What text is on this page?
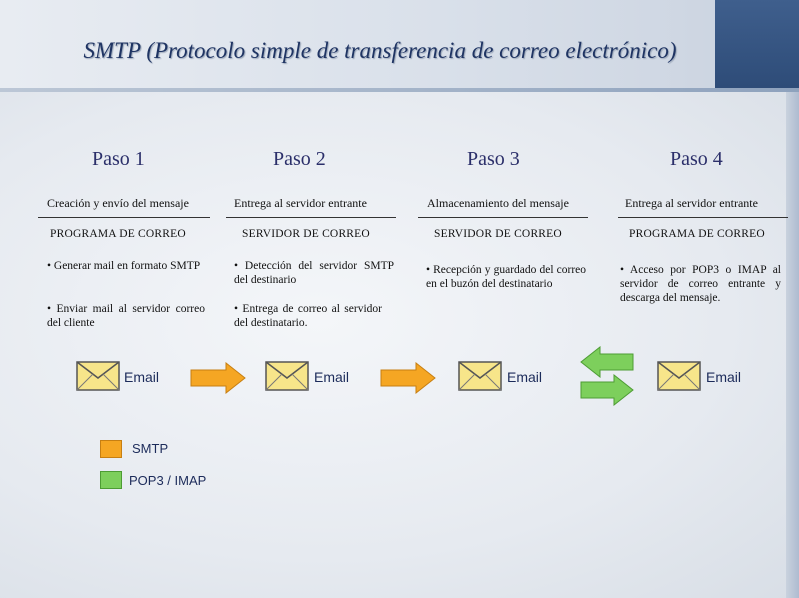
SMTP (Protocolo simple de transferencia de correo electrónico)
Paso 1
Creación y envío del mensaje
PROGRAMA DE CORREO
• Generar mail en formato SMTP
• Enviar mail al servidor correo del cliente
Paso 2
Entrega al servidor entrante
SERVIDOR DE CORREO
• Detección del servidor SMTP del destinario
• Entrega de correo al servidor del destinatario.
Paso 3
Almacenamiento del mensaje
SERVIDOR DE CORREO
• Recepción y guardado del correo en el buzón del destinatario
Paso 4
Entrega al servidor entrante
PROGRAMA DE CORREO
• Acceso por POP3 o IMAP al servidor de correo entrante y descarga del mensaje.
Email	Email	Email	Email
SMTP
POP3 / IMAP
